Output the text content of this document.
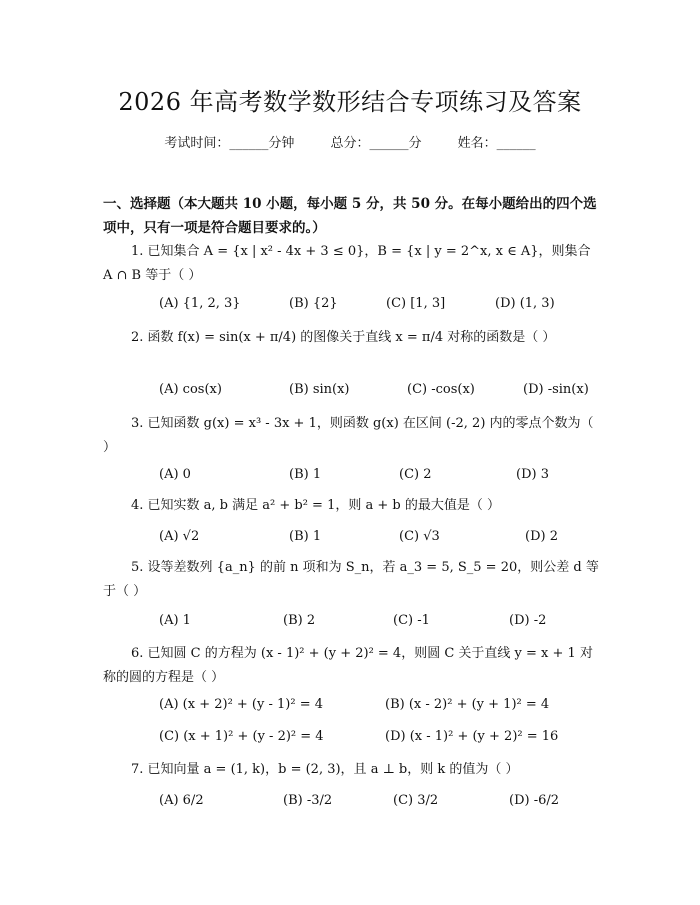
2026 年高考数学数形结合专项练习及答案
考试时间：______分钟	总分：______分	姓名：______
一、选择题（本大题共 10 小题，每小题 5 分，共 50 分。在每小题给出的四个选项中，只有一项是符合题目要求的。）
1. 已知集合 A = {x | x² - 4x + 3 ≤ 0}，B = {x | y = 2^x, x ∈ A}，则集合 A ∩ B 等于（ ）
(A) {1, 2, 3}	(B) {2}	(C) [1, 3]	(D) (1, 3)
2. 函数 f(x) = sin(x + π/4) 的图像关于直线 x = π/4 对称的函数是（ ）
(A) cos(x)	(B) sin(x)	(C) -cos(x)	(D) -sin(x)
3. 已知函数 g(x) = x³ - 3x + 1，则函数 g(x) 在区间 (-2, 2) 内的零点个数为（ ）
(A) 0	(B) 1	(C) 2	(D) 3
4. 已知实数 a, b 满足 a² + b² = 1，则 a + b 的最大值是（ ）
(A) √2	(B) 1	(C) √3	(D) 2
5. 设等差数列 {a_n} 的前 n 项和为 S_n，若 a_3 = 5, S_5 = 20，则公差 d 等于（ ）
(A) 1	(B) 2	(C) -1	(D) -2
6. 已知圆 C 的方程为 (x - 1)² + (y + 2)² = 4，则圆 C 关于直线 y = x + 1 对称的圆的方程是（ ）
(A) (x + 2)² + (y - 1)² = 4	(B) (x - 2)² + (y + 1)² = 4
(C) (x + 1)² + (y - 2)² = 4	(D) (x - 1)² + (y + 2)² = 16
7. 已知向量 a = (1, k)，b = (2, 3)，且 a ⊥ b，则 k 的值为（ ）
(A) 6/2	(B) -3/2	(C) 3/2	(D) -6/2
